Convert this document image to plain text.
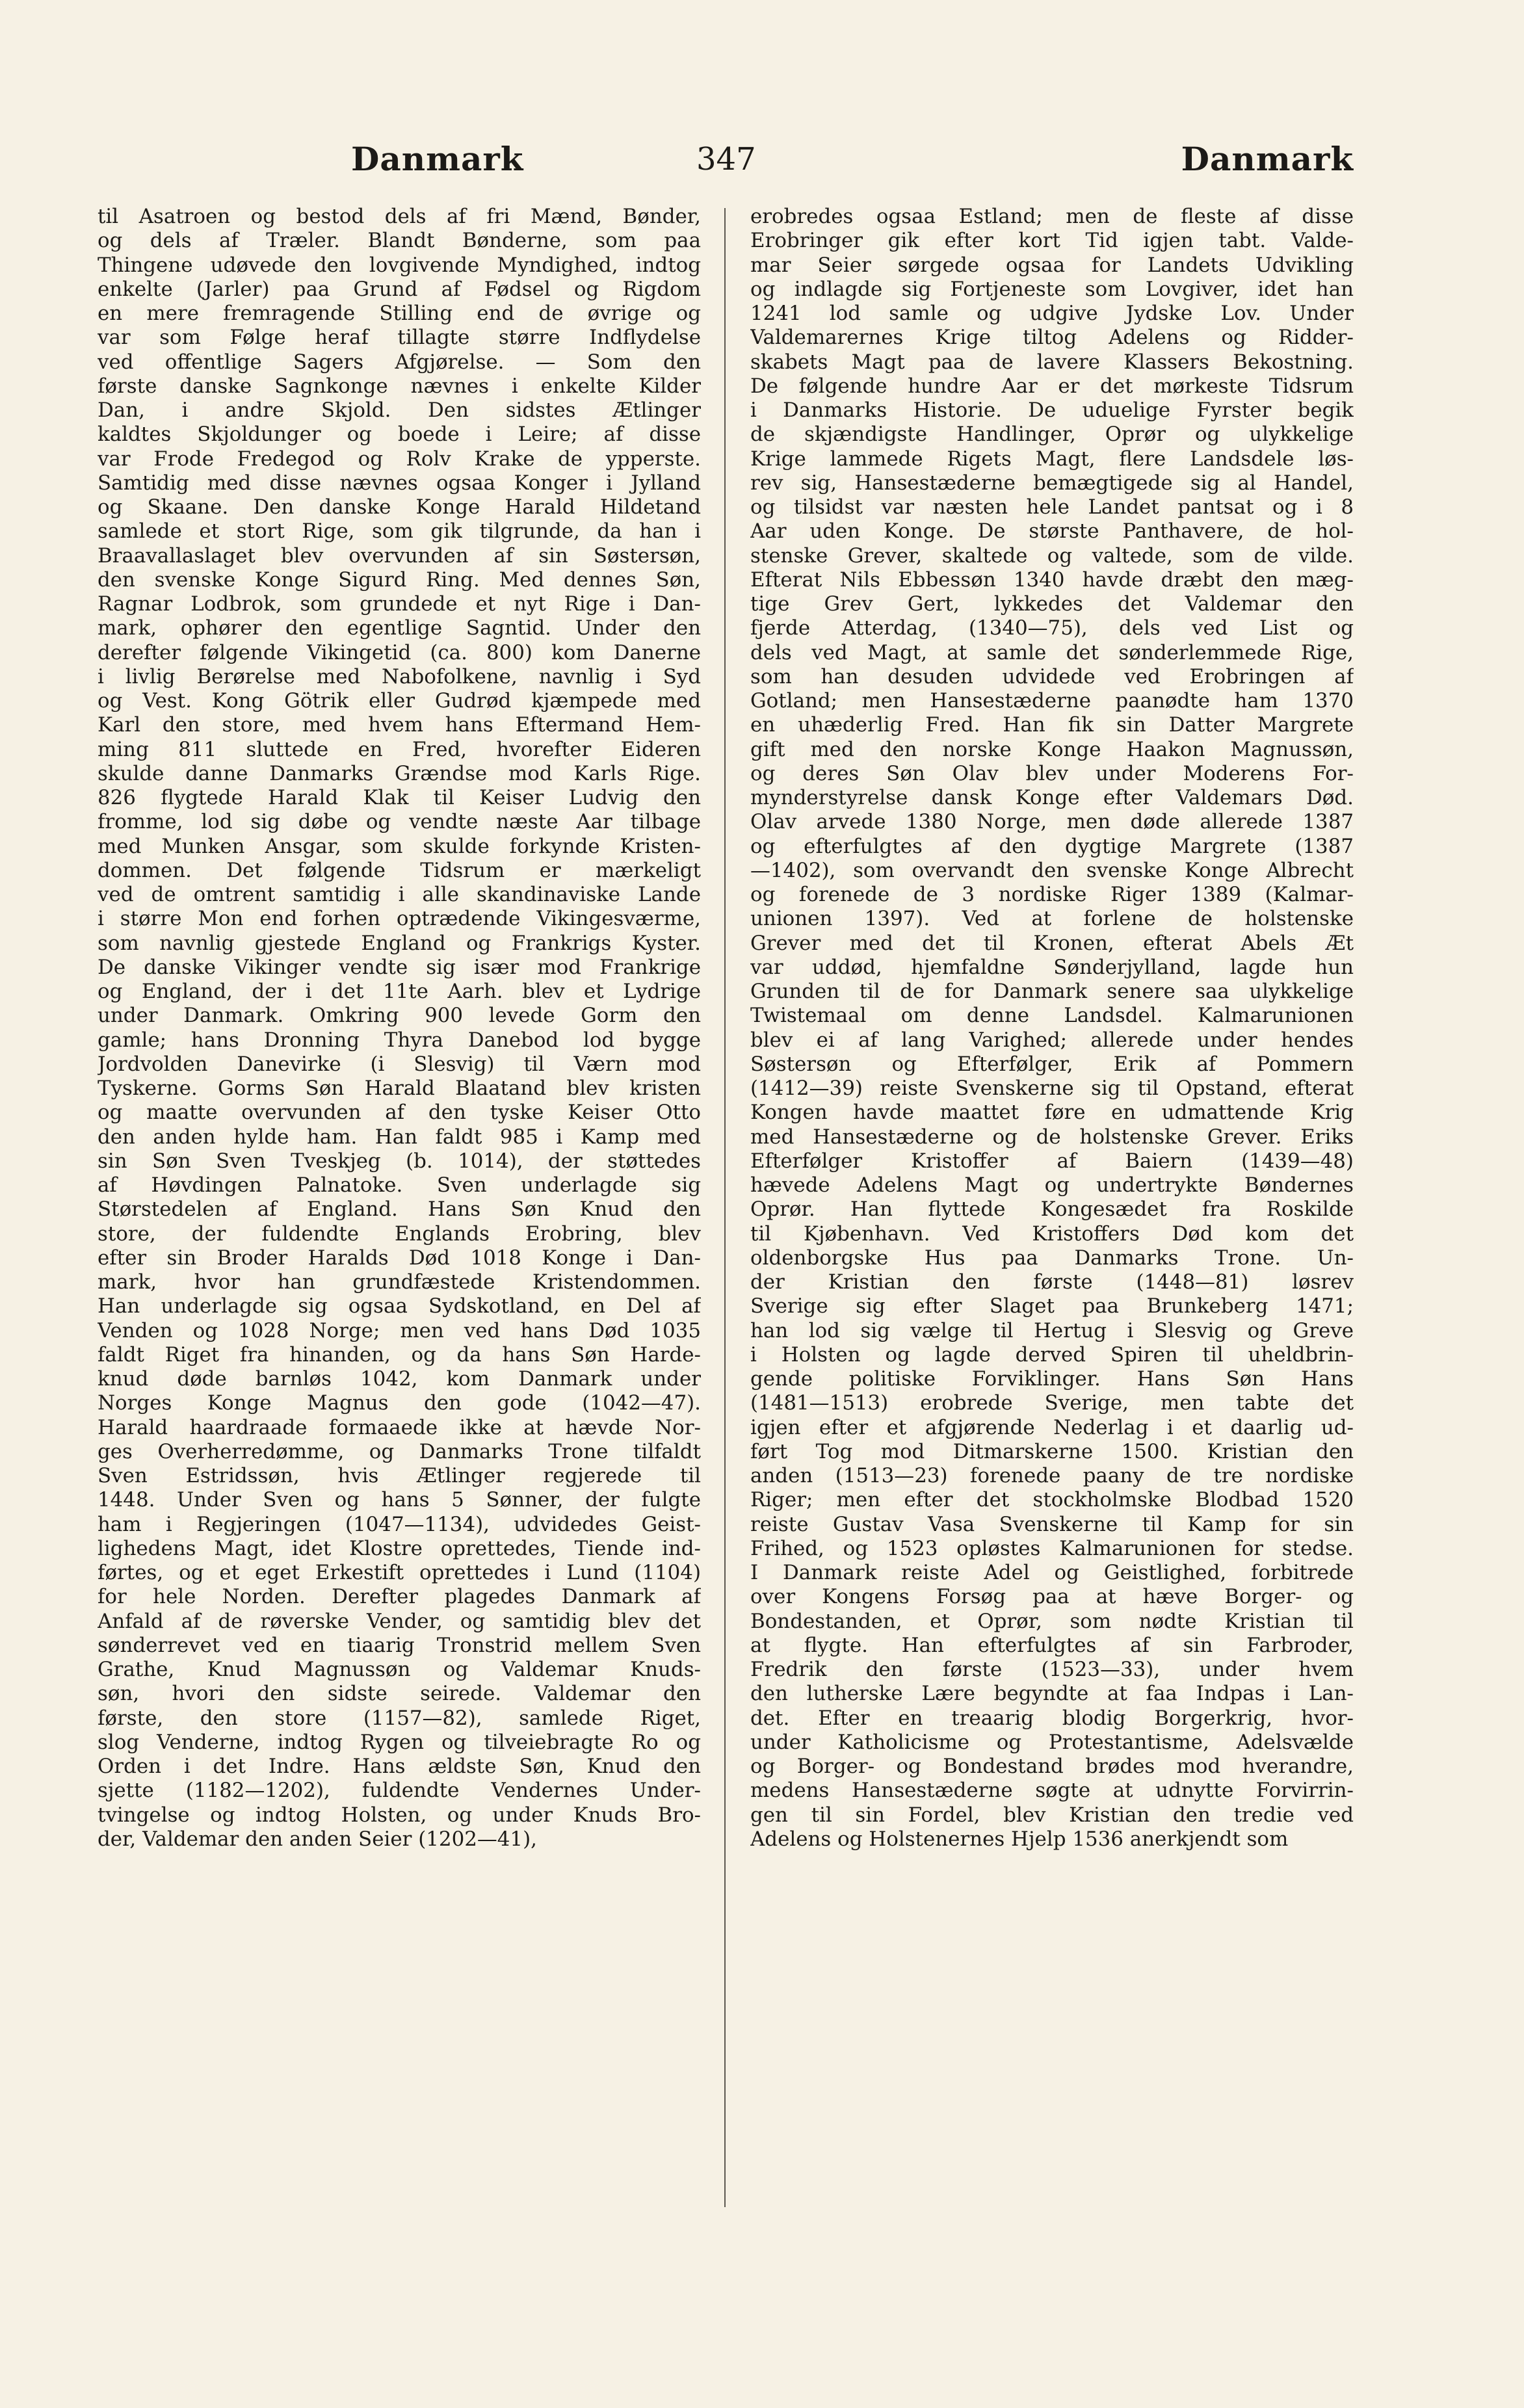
Danmark	347	Danmark

til Asatroen og bestod dels af fri Mænd, Bønder,

og dels af Træler. Blandt Bønderne, som paa

Thingene udøvede den lovgivende Myndighed, indtog

enkelte (Jarler) paa Grund af Fødsel og Rigdom

en mere fremragende Stilling end de øvrige og

var som Følge heraf tillagte større Indflydelse

ved offentlige Sagers Afgjørelse. — Som den

første danske Sagnkonge nævnes i enkelte Kilder

Dan, i andre Skjold. Den sidstes Ætlinger

kaldtes Skjoldunger og boede i Leire; af disse

var Frode Fredegod og Rolv Krake de ypperste.

Samtidig med disse nævnes ogsaa Konger i Jylland

og Skaane. Den danske Konge Harald Hildetand

samlede et stort Rige, som gik tilgrunde, da han i

Braavallaslaget blev overvunden af sin Søstersøn,

den svenske Konge Sigurd Ring. Med dennes Søn,

Ragnar Lodbrok, som grundede et nyt Rige i Dan-

mark, ophører den egentlige Sagntid. Under den

derefter følgende Vikingetid (ca. 800) kom Danerne

i livlig Berørelse med Nabofolkene, navnlig i Syd

og Vest. Kong Götrik eller Gudrød kjæmpede med

Karl den store, med hvem hans Eftermand Hem-

ming 811 sluttede en Fred, hvorefter Eideren

skulde danne Danmarks Grændse mod Karls Rige.

826 flygtede Harald Klak til Keiser Ludvig den

fromme, lod sig døbe og vendte næste Aar tilbage

med Munken Ansgar, som skulde forkynde Kristen-

dommen. Det følgende Tidsrum er mærkeligt

ved de omtrent samtidig i alle skandinaviske Lande

i større Mon end forhen optrædende Vikingesværme,

som navnlig gjestede England og Frankrigs Kyster.

De danske Vikinger vendte sig især mod Frankrige

og England, der i det 11te Aarh. blev et Lydrige

under Danmark. Omkring 900 levede Gorm den

gamle; hans Dronning Thyra Danebod lod bygge

Jordvolden Danevirke (i Slesvig) til Værn mod

Tyskerne. Gorms Søn Harald Blaatand blev kristen

og maatte overvunden af den tyske Keiser Otto

den anden hylde ham. Han faldt 985 i Kamp med

sin Søn Sven Tveskjeg (b. 1014), der støttedes

af Høvdingen Palnatoke. Sven underlagde sig

Størstedelen af England. Hans Søn Knud den

store, der fuldendte Englands Erobring, blev

efter sin Broder Haralds Død 1018 Konge i Dan-

mark, hvor han grundfæstede Kristendommen.

Han underlagde sig ogsaa Sydskotland, en Del af

Venden og 1028 Norge; men ved hans Død 1035

faldt Riget fra hinanden, og da hans Søn Harde-

knud døde barnløs 1042, kom Danmark under

Norges Konge Magnus den gode (1042—47).

Harald haardraade formaaede ikke at hævde Nor-

ges Overherredømme, og Danmarks Trone tilfaldt

Sven Estridssøn, hvis Ætlinger regjerede til

1448. Under Sven og hans 5 Sønner, der fulgte

ham i Regjeringen (1047—1134), udvidedes Geist-

lighedens Magt, idet Klostre oprettedes, Tiende ind-

førtes, og et eget Erkestift oprettedes i Lund (1104)

for hele Norden. Derefter plagedes Danmark af

Anfald af de røverske Vender, og samtidig blev det

sønderrevet ved en tiaarig Tronstrid mellem Sven

Grathe, Knud Magnussøn og Valdemar Knuds-

søn, hvori den sidste seirede. Valdemar den

første, den store (1157—82), samlede Riget,

slog Venderne, indtog Rygen og tilveiebragte Ro og

Orden i det Indre. Hans ældste Søn, Knud den

sjette (1182—1202), fuldendte Vendernes Under-

tvingelse og indtog Holsten, og under Knuds Bro-

der, Valdemar den anden Seier (1202—41),

erobredes ogsaa Estland; men de fleste af disse

Erobringer gik efter kort Tid igjen tabt. Valde-

mar Seier sørgede ogsaa for Landets Udvikling

og indlagde sig Fortjeneste som Lovgiver, idet han

1241 lod samle og udgive Jydske Lov. Under

Valdemarernes Krige tiltog Adelens og Ridder-

skabets Magt paa de lavere Klassers Bekostning.

De følgende hundre Aar er det mørkeste Tidsrum

i Danmarks Historie. De uduelige Fyrster begik

de skjændigste Handlinger, Oprør og ulykkelige

Krige lammede Rigets Magt, flere Landsdele løs-

rev sig, Hansestæderne bemægtigede sig al Handel,

og tilsidst var næsten hele Landet pantsat og i 8

Aar uden Konge. De største Panthavere, de hol-

stenske Grever, skaltede og valtede, som de vilde.

Efterat Nils Ebbessøn 1340 havde dræbt den mæg-

tige Grev Gert, lykkedes det Valdemar den

fjerde Atterdag, (1340—75), dels ved List og

dels ved Magt, at samle det sønderlemmede Rige,

som han desuden udvidede ved Erobringen af

Gotland; men Hansestæderne paanødte ham 1370

en uhæderlig Fred. Han fik sin Datter Margrete

gift med den norske Konge Haakon Magnussøn,

og deres Søn Olav blev under Moderens For-

mynderstyrelse dansk Konge efter Valdemars Død.

Olav arvede 1380 Norge, men døde allerede 1387

og efterfulgtes af den dygtige Margrete (1387

—1402), som overvandt den svenske Konge Albrecht

og forenede de 3 nordiske Riger 1389 (Kalmar-

unionen 1397). Ved at forlene de holstenske

Grever med det til Kronen, efterat Abels Æt

var uddød, hjemfaldne Sønderjylland, lagde hun

Grunden til de for Danmark senere saa ulykkelige

Twistemaal om denne Landsdel. Kalmarunionen

blev ei af lang Varighed; allerede under hendes

Søstersøn og Efterfølger, Erik af Pommern

(1412—39) reiste Svenskerne sig til Opstand, efterat

Kongen havde maattet føre en udmattende Krig

med Hansestæderne og de holstenske Grever. Eriks

Efterfølger Kristoffer af Baiern (1439—48)

hævede Adelens Magt og undertrykte Bøndernes

Oprør. Han flyttede Kongesædet fra Roskilde

til Kjøbenhavn. Ved Kristoffers Død kom det

oldenborgske Hus paa Danmarks Trone. Un-

der Kristian den første (1448—81) løsrev

Sverige sig efter Slaget paa Brunkeberg 1471;

han lod sig vælge til Hertug i Slesvig og Greve

i Holsten og lagde derved Spiren til uheldbrin-

gende politiske Forviklinger. Hans Søn Hans

(1481—1513) erobrede Sverige, men tabte det

igjen efter et afgjørende Nederlag i et daarlig ud-

ført Tog mod Ditmarskerne 1500. Kristian den

anden (1513—23) forenede paany de tre nordiske

Riger; men efter det stockholmske Blodbad 1520

reiste Gustav Vasa Svenskerne til Kamp for sin

Frihed, og 1523 opløstes Kalmarunionen for stedse.

I Danmark reiste Adel og Geistlighed, forbitrede

over Kongens Forsøg paa at hæve Borger- og

Bondestanden, et Oprør, som nødte Kristian til

at flygte. Han efterfulgtes af sin Farbroder,

Fredrik den første (1523—33), under hvem

den lutherske Lære begyndte at faa Indpas i Lan-

det. Efter en treaarig blodig Borgerkrig, hvor-

under Katholicisme og Protestantisme, Adelsvælde

og Borger- og Bondestand brødes mod hverandre,

medens Hansestæderne søgte at udnytte Forvirrin-

gen til sin Fordel, blev Kristian den tredie ved

Adelens og Holstenernes Hjelp 1536 anerkjendt som
